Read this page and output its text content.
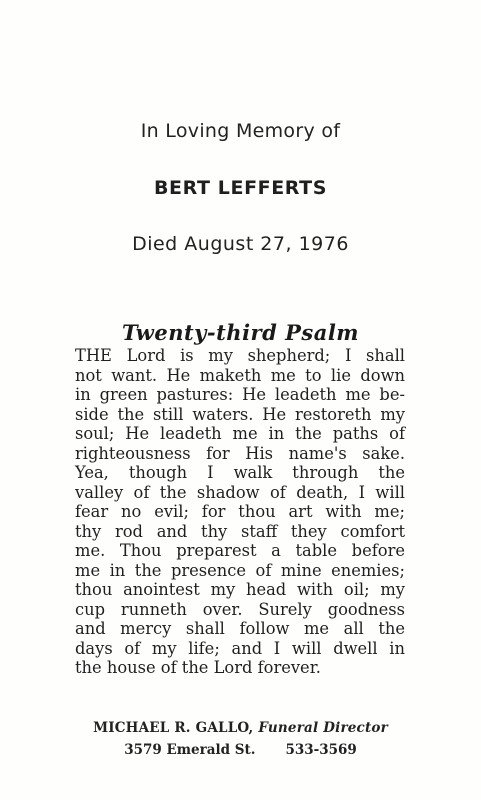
In Loving Memory of
BERT LEFFERTS
Died August 27, 1976
Twenty-third Psalm
THE Lord is my shepherd; I shall
not want. He maketh me to lie down
in green pastures: He leadeth me be-
side the still waters. He restoreth my
soul; He leadeth me in the paths of
righteousness for His name's sake.
Yea, though I walk through the
valley of the shadow of death, I will
fear no evil; for thou art with me;
thy rod and thy staff they comfort
me. Thou preparest a table before
me in the presence of mine enemies;
thou anointest my head with oil; my
cup runneth over. Surely goodness
and mercy shall follow me all the
days of my life; and I will dwell in
the house of the Lord forever.
MICHAEL R. GALLO, Funeral Director
3579 Emerald St. 533-3569
